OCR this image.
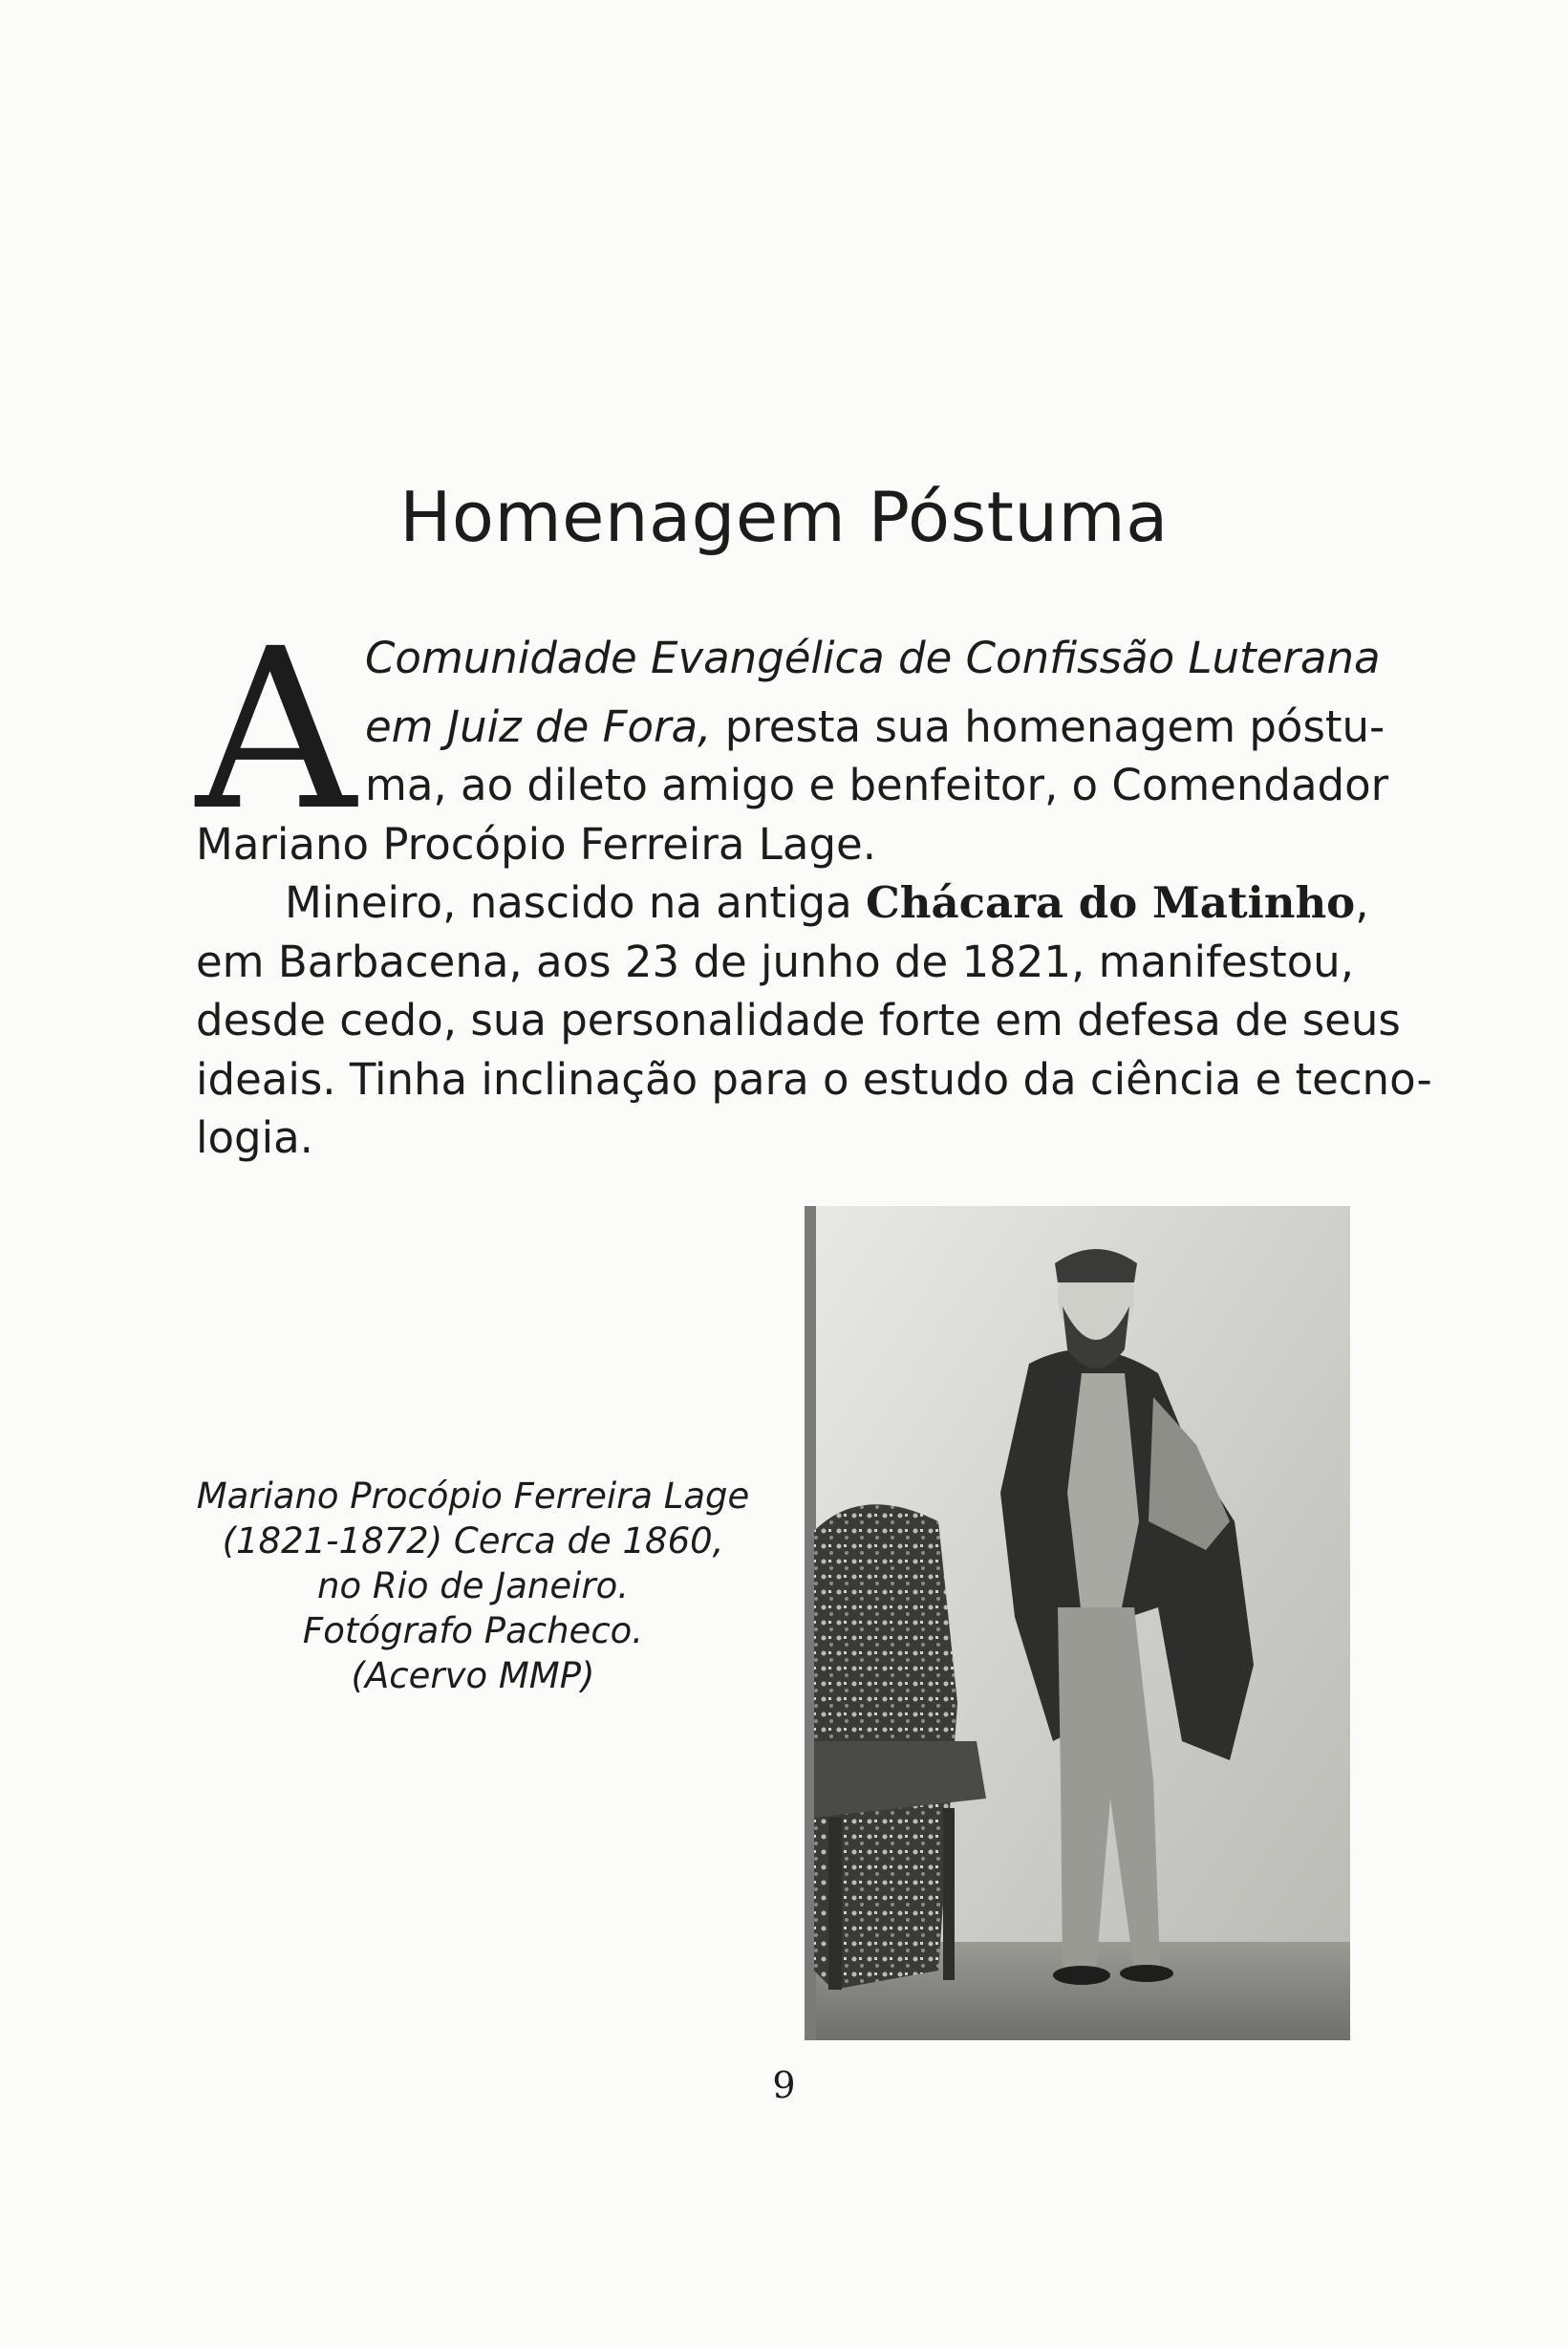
Homenagem Póstuma
A Comunidade Evangélica de Confissão Luterana

em Juiz de Fora, presta sua homenagem póstu-

ma, ao dileto amigo e benfeitor, o Comendador

Mariano Procópio Ferreira Lage.

Mineiro, nascido na antiga Chácara do Matinho,

em Barbacena, aos 23 de junho de 1821, manifestou,

desde cedo, sua personalidade forte em defesa de seus

ideais. Tinha inclinação para o estudo da ciência e tecno-

logia.

Mariano Procópio Ferreira Lage
(1821-1872) Cerca de 1860,
no Rio de Janeiro.
Fotógrafo Pacheco.
(Acervo MMP)

9
